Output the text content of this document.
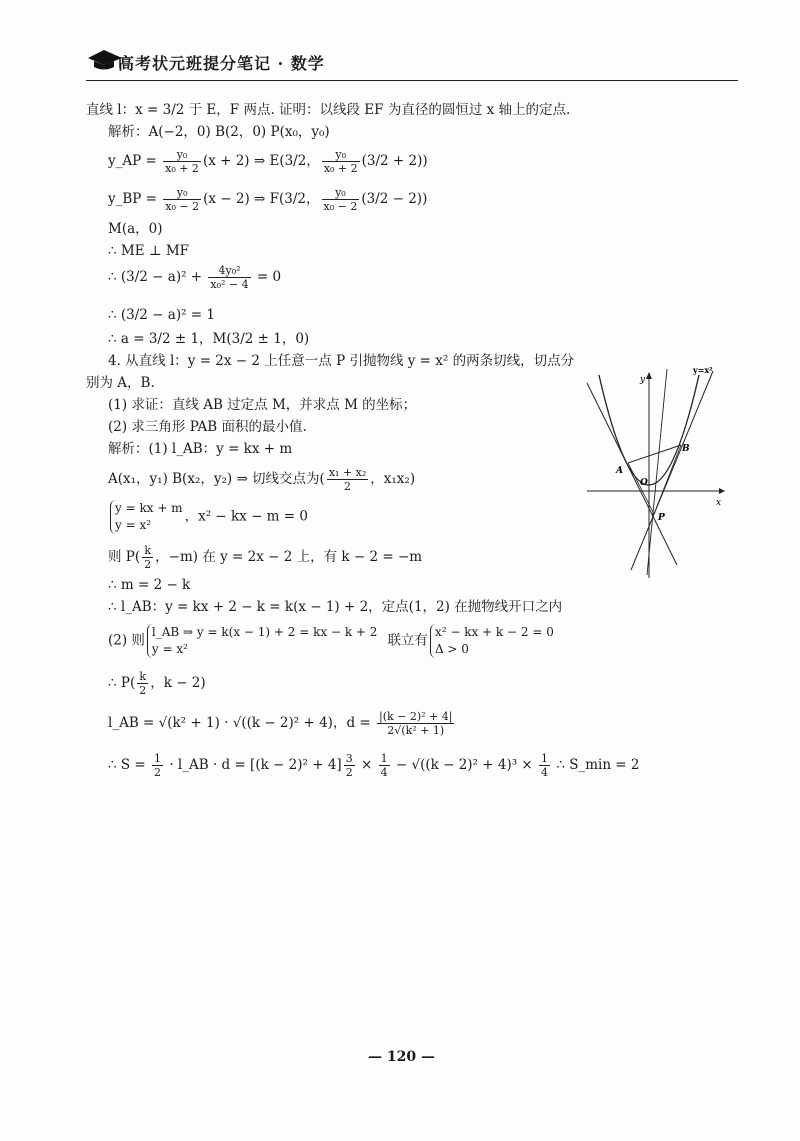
高考状元班提分笔记 · 数学
直线 l：x = 3/2 于 E，F 两点. 证明：以线段 EF 为直径的圆恒过 x 轴上的定点.
解析：A(−2，0) B(2，0) P(x₀，y₀)
y_AP = $\frac{\text{y₀}}{\text{x₀ + 2}} (x + 2)$ ⇒ E(3/2， $\frac{\text{y₀}}{\text{x₀ + 2}} (3/2 + 2)$)
y_BP = $\frac{\text{y₀}}{\text{x₀ − 2}} (x - 2)$ ⇒ F(3/2， $\frac{\text{y₀}}{\text{x₀ − 2}} (3/2 - 2)$)
M(a，0)
∴ ME ⊥ MF
∴ $(3/2 - a)^2 + \frac{\text{4y₀²}}{\text{x₀² − 4}} = 0$
∴ (3/2 − a)² = 1
∴ a = 3/2 ± 1，M(3/2 ± 1，0)
4. 从直线 l：y = 2x − 2 上任意一点 P 引抛物线 y = x² 的两条切线，切点分
别为 A，B.
(1) 求证：直线 AB 过定点 M，并求点 M 的坐标；
(2) 求三角形 PAB 面积的最小值.
解析：(1) l_AB：y = kx + m
A(x₁，y₁) B(x₂，y₂) ⇒ 切线交点为( $\frac{\text{x₁ + x₂}}{2}$ ，x₁x₂)
y = kx + m
y = x²
，x² − kx − m = 0
则 $P( \frac{k}{2}$ ，−m) 在 y = 2x − 2 上，有 k − 2 = −m
∴ m = 2 − k
∴ l_AB：y = kx + 2 − k = k(x − 1) + 2，定点(1，2) 在抛物线开口之内
(2) 则
l_AB ⇒ y = k(x − 1) + 2 = kx − k + 2
y = x²
联立有
x² − kx + k − 2 = 0
Δ > 0
∴ $P( \frac{k}{2}$ ，k − 2)
l_AB = √(k² + 1) · √((k − 2)² + 4)，$d = \frac{\text{|(k − 2)² + 4|}}{\text{2√(k² + 1)}}$
∴ $S = \frac{1}{2}$ · l_AB · $d = [(k - 2)^2 + 4] \frac{3}{2} \times \frac{1}{4} - √((k - 2)^2 + 4)^3 \times \frac{1}{4}$ ∴ S_min = 2
y=x²
y
x
A
B
O
P
— 120 —
